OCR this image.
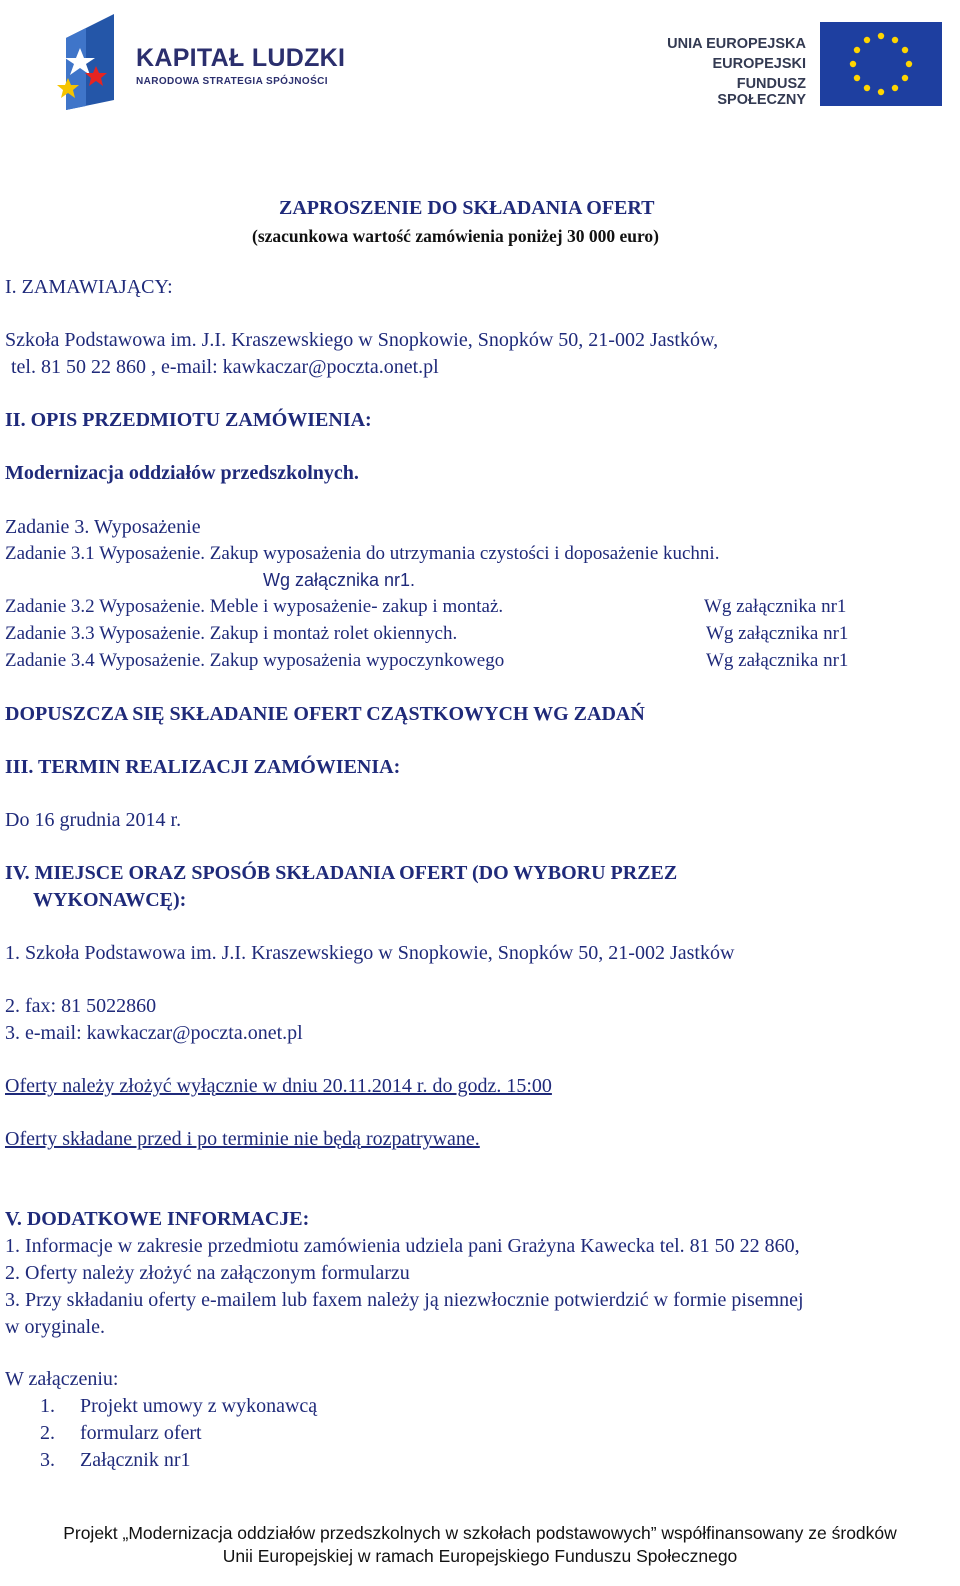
KAPITAŁ LUDZKI
NARODOWA STRATEGIA SPÓJNOŚCI
UNIA EUROPEJSKA
EUROPEJSKI
FUNDUSZ SPOŁECZNY
ZAPROSZENIE DO SKŁADANIA OFERT
(szacunkowa wartość zamówienia poniżej 30 000 euro)
I. ZAMAWIAJĄCY:
Szkoła Podstawowa im. J.I. Kraszewskiego w Snopkowie, Snopków 50, 21-002 Jastków,
tel. 81 50 22 860 , e-mail: kawkaczar@poczta.onet.pl
II. OPIS PRZEDMIOTU ZAMÓWIENIA:
Modernizacja oddziałów przedszkolnych.
Zadanie 3. Wyposażenie
Zadanie 3.1 Wyposażenie. Zakup wyposażenia do utrzymania czystości i doposażenie kuchni.
Wg załącznika nr1.
Zadanie 3.2 Wyposażenie. Meble i wyposażenie- zakup i montaż.	Wg załącznika nr1
Zadanie 3.3 Wyposażenie. Zakup i montaż rolet okiennych.	Wg załącznika nr1
Zadanie 3.4 Wyposażenie. Zakup wyposażenia wypoczynkowego	Wg załącznika nr1
DOPUSZCZA SIĘ SKŁADANIE OFERT CZĄSTKOWYCH WG ZADAŃ
III. TERMIN REALIZACJI ZAMÓWIENIA:
Do 16 grudnia 2014 r.
IV. MIEJSCE ORAZ SPOSÓB SKŁADANIA OFERT (DO WYBORU PRZEZ
WYKONAWCĘ):
1. Szkoła Podstawowa im. J.I. Kraszewskiego w Snopkowie, Snopków 50, 21-002 Jastków
2. fax: 81 5022860
3. e-mail: kawkaczar@poczta.onet.pl
Oferty należy złożyć wyłącznie w dniu 20.11.2014 r. do godz. 15:00
Oferty składane przed i po terminie nie będą rozpatrywane.
V. DODATKOWE INFORMACJE:
1. Informacje w zakresie przedmiotu zamówienia udziela pani Grażyna Kawecka tel. 81 50 22 860,
2. Oferty należy złożyć na załączonym formularzu
3. Przy składaniu oferty e-mailem lub faxem należy ją niezwłocznie potwierdzić w formie pisemnej
w oryginale.
W załączeniu:
1. Projekt umowy z wykonawcą
2. formularz ofert
3. Załącznik nr1
Projekt „Modernizacja oddziałów przedszkolnych w szkołach podstawowych” współfinansowany ze środków
Unii Europejskiej w ramach Europejskiego Funduszu Społecznego
